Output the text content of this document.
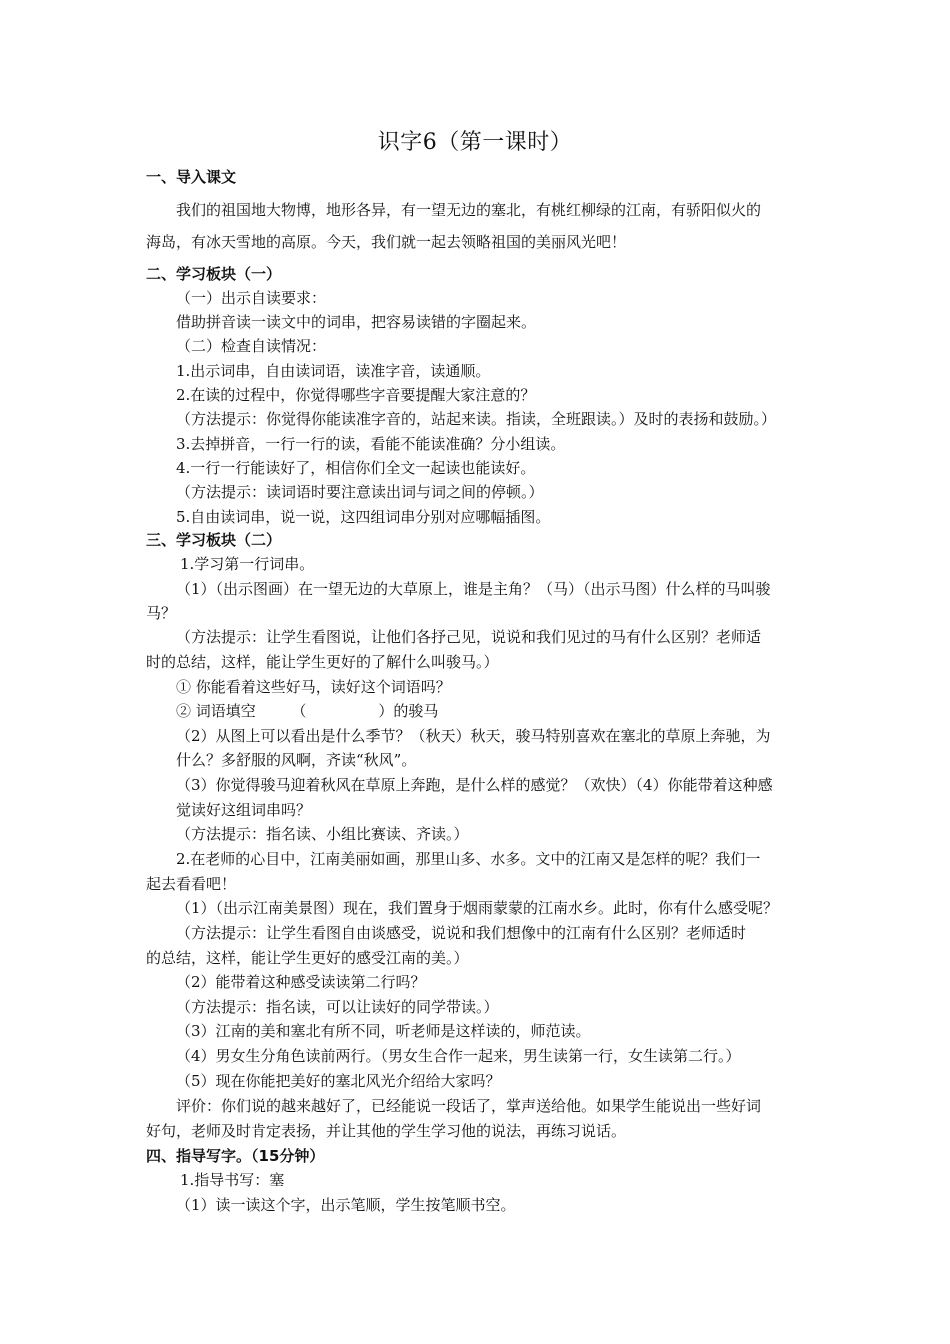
识字6（第一课时）
一、导入课文
我们的祖国地大物博，地形各异，有一望无边的塞北，有桃红柳绿的江南，有骄阳似火的
海岛，有冰天雪地的高原。今天，我们就一起去领略祖国的美丽风光吧！
二、学习板块（一）
（一）出示自读要求：
借助拼音读一读文中的词串，把容易读错的字圈起来。
（二）检查自读情况：
1.出示词串，自由读词语，读准字音，读通顺。
2.在读的过程中，你觉得哪些字音要提醒大家注意的？
（方法提示：你觉得你能读准字音的，站起来读。指读，全班跟读。）及时的表扬和鼓励。）
3.去掉拼音，一行一行的读，看能不能读准确？分小组读。
4.一行一行能读好了，相信你们全文一起读也能读好。
（方法提示：读词语时要注意读出词与词之间的停顿。）
5.自由读词串，说一说，这四组词串分别对应哪幅插图。
三、学习板块（二）
1.学习第一行词串。
（1）（出示图画）在一望无边的大草原上，谁是主角？（马）（出示马图）什么样的马叫骏
马？
（方法提示：让学生看图说，让他们各抒己见，说说和我们见过的马有什么区别？老师适
时的总结，这样，能让学生更好的了解什么叫骏马。）
① 你能看着这些好马，读好这个词语吗？
② 词语填空 （	）的骏马
（2）从图上可以看出是什么季节？（秋天）秋天，骏马特别喜欢在塞北的草原上奔驰，为
什么？多舒服的风啊，齐读“秋风”。
（3）你觉得骏马迎着秋风在草原上奔跑，是什么样的感觉？（欢快）（4）你能带着这种感
觉读好这组词串吗？
（方法提示：指名读、小组比赛读、齐读。）
2.在老师的心目中，江南美丽如画，那里山多、水多。文中的江南又是怎样的呢？我们一
起去看看吧！
（1）（出示江南美景图）现在，我们置身于烟雨蒙蒙的江南水乡。此时，你有什么感受呢？
（方法提示：让学生看图自由谈感受，说说和我们想像中的江南有什么区别？老师适时
的总结，这样，能让学生更好的感受江南的美。）
（2）能带着这种感受读读第二行吗？
（方法提示：指名读，可以让读好的同学带读。）
（3）江南的美和塞北有所不同，听老师是这样读的，师范读。
（4）男女生分角色读前两行。（男女生合作一起来，男生读第一行，女生读第二行。）
（5）现在你能把美好的塞北风光介绍给大家吗？
评价：你们说的越来越好了，已经能说一段话了，掌声送给他。如果学生能说出一些好词
好句，老师及时肯定表扬，并让其他的学生学习他的说法，再练习说话。
四、指导写字。（15分钟）
1.指导书写：塞
（1）读一读这个字，出示笔顺，学生按笔顺书空。
